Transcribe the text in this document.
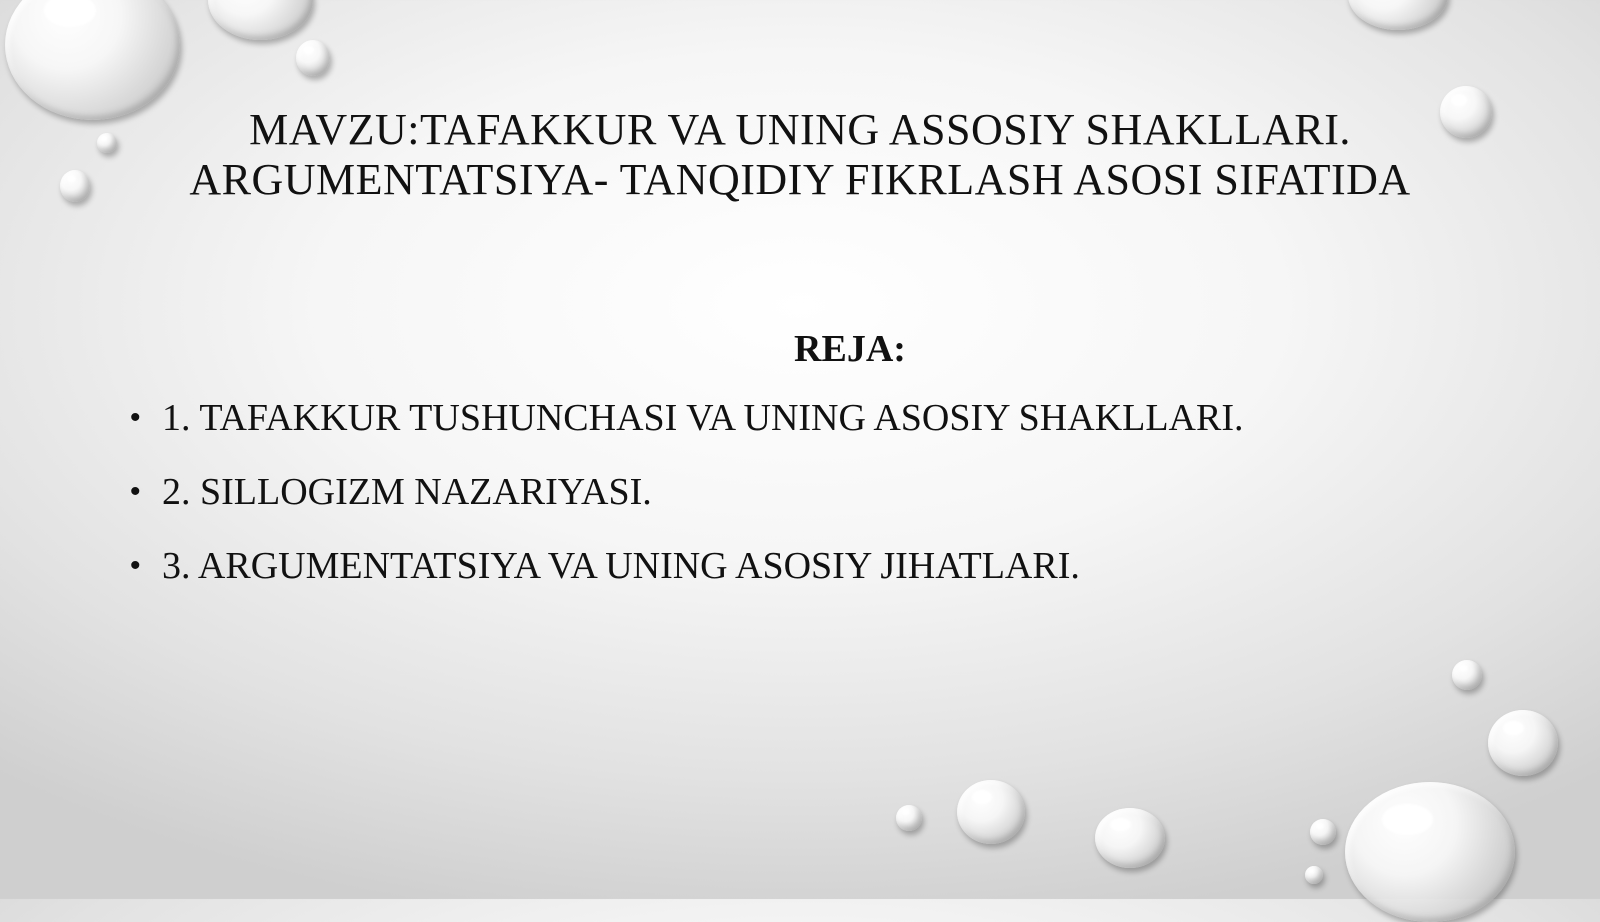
MAVZU:TAFAKKUR VA UNING ASSOSIY SHAKLLARI.
ARGUMENTATSIYA- TANQIDIY FIKRLASH ASOSI SIFATIDA
REJA:
• 1. TAFAKKUR TUSHUNCHASI VA UNING ASOSIY SHAKLLARI.
• 2. SILLOGIZM NAZARIYASI.
• 3. ARGUMENTATSIYA VA UNING ASOSIY JIHATLARI.
